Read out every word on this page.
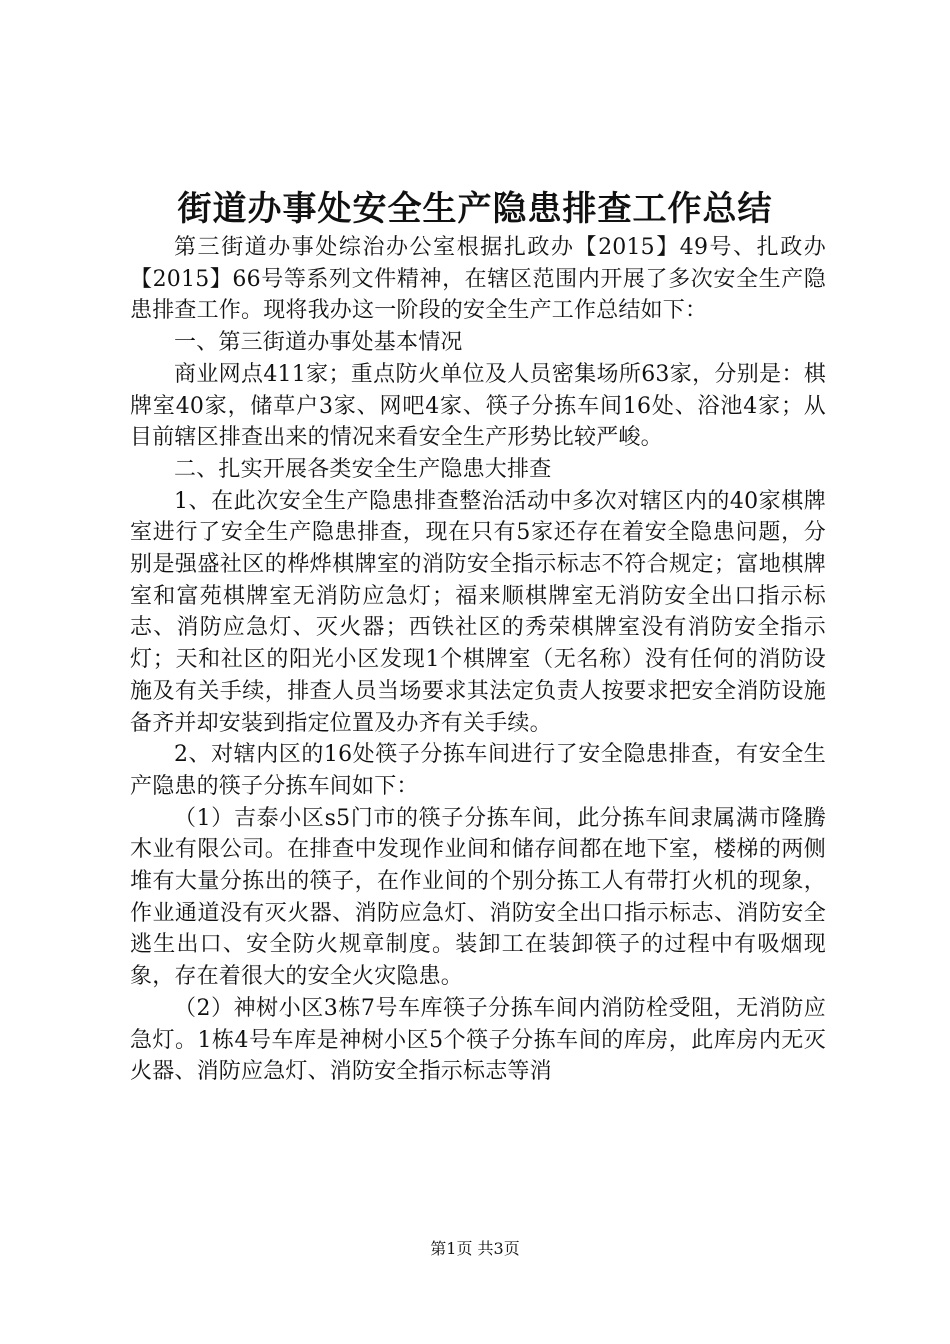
街道办事处安全生产隐患排查工作总结

第三街道办事处综治办公室根据扎政办【2015】49号、扎政办【2015】66号等系列文件精神，在辖区范围内开展了多次安全生产隐患排查工作。现将我办这一阶段的安全生产工作总结如下：

一、第三街道办事处基本情况

商业网点411家；重点防火单位及人员密集场所63家，分别是：棋牌室40家，储草户3家、网吧4家、筷子分拣车间16处、浴池4家；从目前辖区排查出来的情况来看安全生产形势比较严峻。

二、扎实开展各类安全生产隐患大排查

1、在此次安全生产隐患排查整治活动中多次对辖区内的40家棋牌室进行了安全生产隐患排查，现在只有5家还存在着安全隐患问题，分别是强盛社区的桦烨棋牌室的消防安全指示标志不符合规定；富地棋牌室和富苑棋牌室无消防应急灯；福来顺棋牌室无消防安全出口指示标志、消防应急灯、灭火器；西铁社区的秀荣棋牌室没有消防安全指示灯；天和社区的阳光小区发现1个棋牌室（无名称）没有任何的消防设施及有关手续，排查人员当场要求其法定负责人按要求把安全消防设施备齐并却安装到指定位置及办齐有关手续。

2、对辖内区的16处筷子分拣车间进行了安全隐患排查，有安全生产隐患的筷子分拣车间如下：

（1）吉泰小区s5门市的筷子分拣车间，此分拣车间隶属满市隆腾木业有限公司。在排查中发现作业间和储存间都在地下室，楼梯的两侧堆有大量分拣出的筷子，在作业间的个别分拣工人有带打火机的现象，作业通道没有灭火器、消防应急灯、消防安全出口指示标志、消防安全逃生出口、安全防火规章制度。装卸工在装卸筷子的过程中有吸烟现象，存在着很大的安全火灾隐患。

（2）神树小区3栋7号车库筷子分拣车间内消防栓受阻，无消防应急灯。1栋4号车库是神树小区5个筷子分拣车间的库房，此库房内无灭火器、消防应急灯、消防安全指示标志等消

第1页 共3页
